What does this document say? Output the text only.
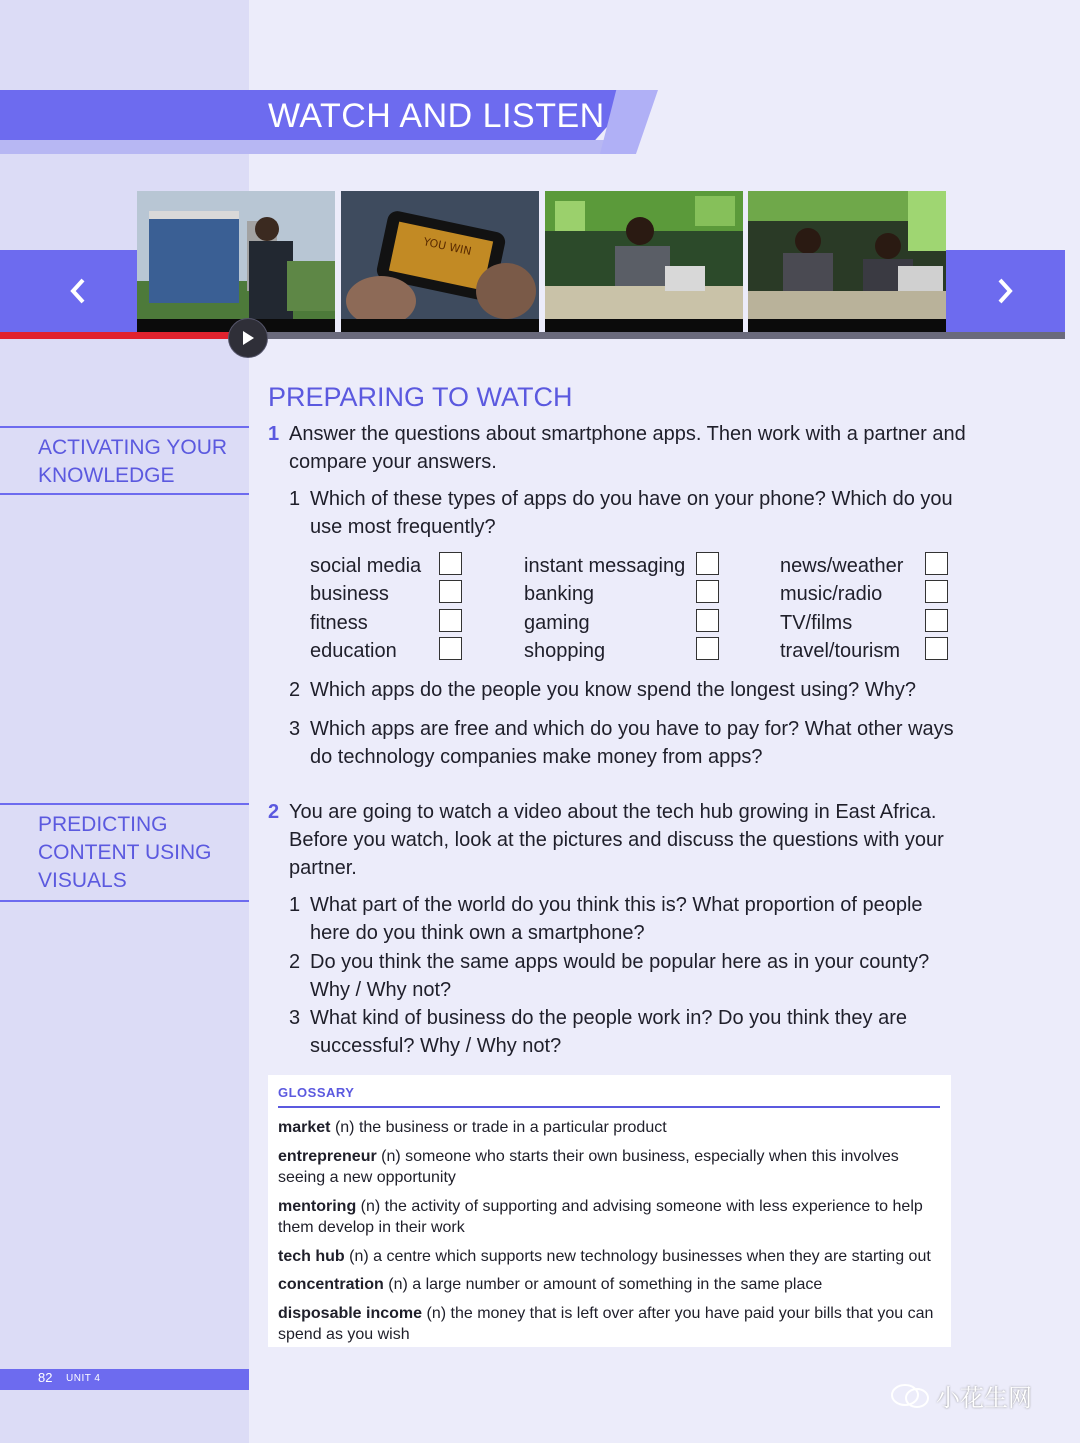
WATCH AND LISTEN
YOU WIN
ACTIVATING YOUR
KNOWLEDGE
PREDICTING
CONTENT USING
VISUALS
PREPARING TO WATCH
1 Answer the questions about smartphone apps. Then work with a partner and compare your answers.
1 Which of these types of apps do you have on your phone? Which do you use most frequently?
social media
business
fitness
education
instant messaging
banking
gaming
shopping
news/weather
music/radio
TV/films
travel/tourism
2 Which apps do the people you know spend the longest using? Why?
3 Which apps are free and which do you have to pay for? What other ways do technology companies make money from apps?
2 You are going to watch a video about the tech hub growing in East Africa. Before you watch, look at the pictures and discuss the questions with your partner.
1 What part of the world do you think this is? What proportion of people here do you think own a smartphone?
2 Do you think the same apps would be popular here as in your county? Why / Why not?
3 What kind of business do the people work in? Do you think they are successful? Why / Why not?
GLOSSARY
market (n) the business or trade in a particular product
entrepreneur (n) someone who starts their own business, especially when this involves seeing a new opportunity
mentoring (n) the activity of supporting and advising someone with less experience to help them develop in their work
tech hub (n) a centre which supports new technology businesses when they are starting out
concentration (n) a large number or amount of something in the same place
disposable income (n) the money that is left over after you have paid your bills that you can spend as you wish
82 UNIT 4
小花生网
